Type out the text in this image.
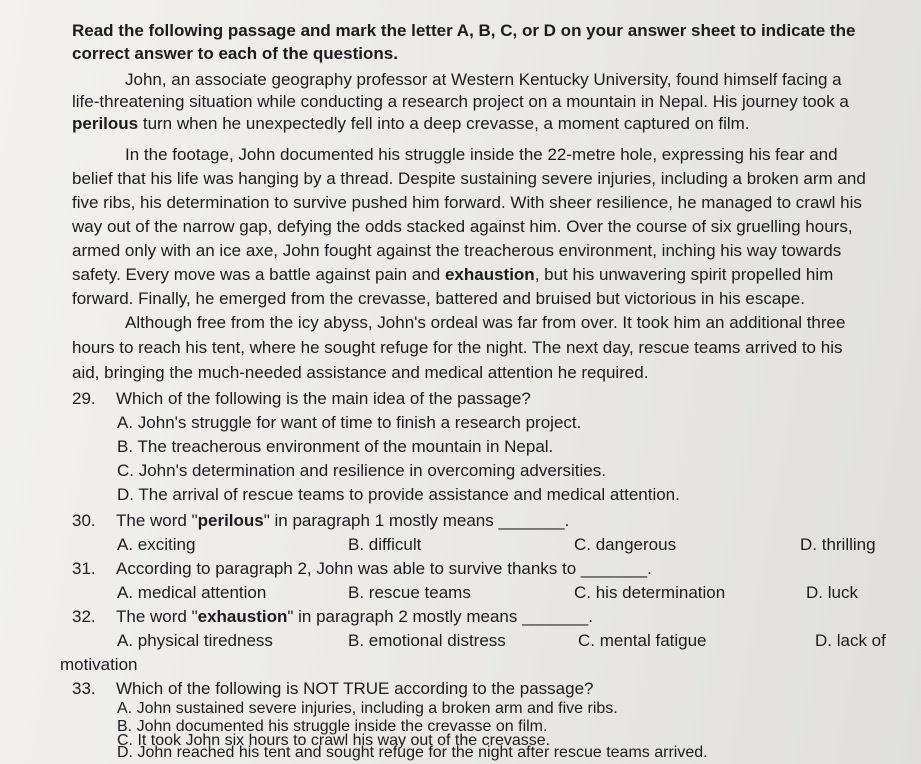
Read the following passage and mark the letter A, B, C, or D on your answer sheet to indicate the
correct answer to each of the questions.
John, an associate geography professor at Western Kentucky University, found himself facing a
life-threatening situation while conducting a research project on a mountain in Nepal. His journey took a
perilous turn when he unexpectedly fell into a deep crevasse, a moment captured on film.
In the footage, John documented his struggle inside the 22-metre hole, expressing his fear and
belief that his life was hanging by a thread. Despite sustaining severe injuries, including a broken arm and
five ribs, his determination to survive pushed him forward. With sheer resilience, he managed to crawl his
way out of the narrow gap, defying the odds stacked against him. Over the course of six gruelling hours,
armed only with an ice axe, John fought against the treacherous environment, inching his way towards
safety. Every move was a battle against pain and exhaustion, but his unwavering spirit propelled him
forward. Finally, he emerged from the crevasse, battered and bruised but victorious in his escape.
Although free from the icy abyss, John's ordeal was far from over. It took him an additional three
hours to reach his tent, where he sought refuge for the night. The next day, rescue teams arrived to his
aid, bringing the much-needed assistance and medical attention he required.
29. Which of the following is the main idea of the passage?
A. John's struggle for want of time to finish a research project.
B. The treacherous environment of the mountain in Nepal.
C. John's determination and resilience in overcoming adversities.
D. The arrival of rescue teams to provide assistance and medical attention.
30. The word "perilous" in paragraph 1 mostly means _______.
A. exciting	B. difficult	C. dangerous	D. thrilling
31. According to paragraph 2, John was able to survive thanks to _______.
A. medical attention	B. rescue teams	C. his determination	D. luck
32. The word "exhaustion" in paragraph 2 mostly means _______.
A. physical tiredness	B. emotional distress	C. mental fatigue	D. lack of
motivation
33. Which of the following is NOT TRUE according to the passage?
A. John sustained severe injuries, including a broken arm and five ribs.
B. John documented his struggle inside the crevasse on film.
C. It took John six hours to crawl his way out of the crevasse.
D. John reached his tent and sought refuge for the night after rescue teams arrived.
